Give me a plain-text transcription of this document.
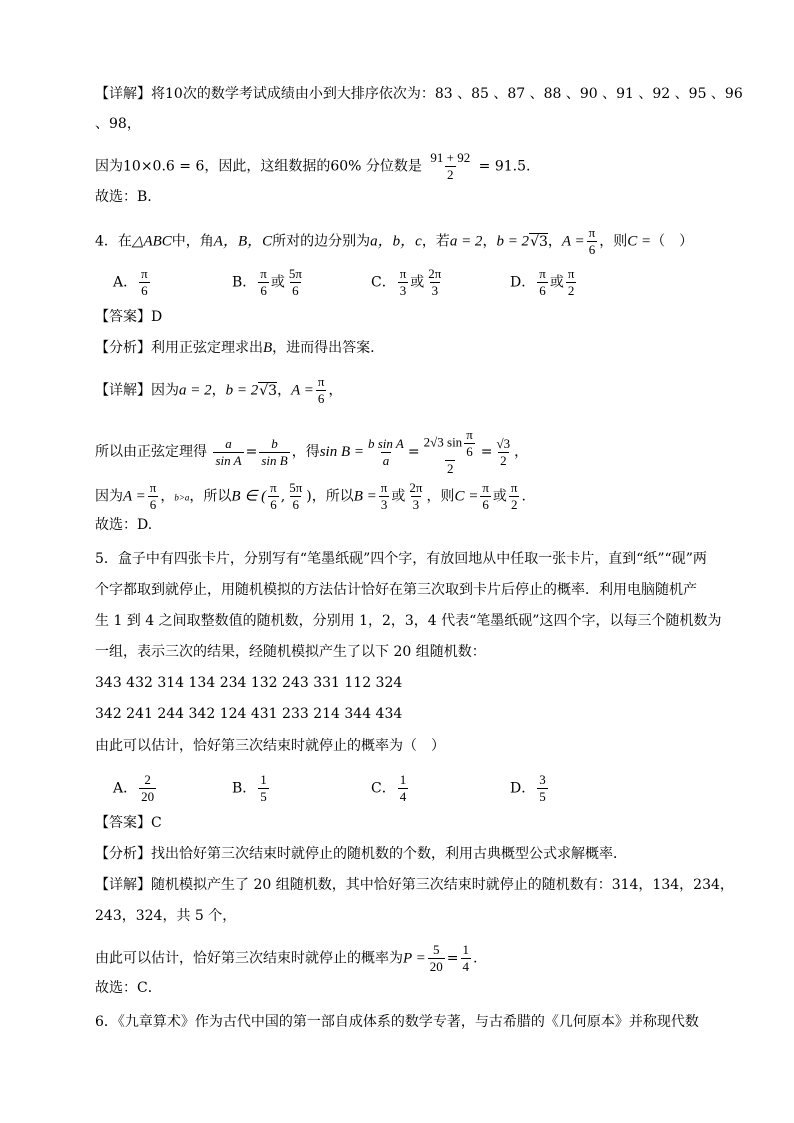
【详解】将10次的数学考试成绩由小到大排序依次为：83 、85 、87 、88 、90 、91 、92 、95 、96
、98，
因为10×0.6 = 6，因此，这组数据的60% 分位数是 $\frac{91 + 92}{2} = 91.5$.
故选：B.
4．在△ABC中，角A，B，C所对的边分别为a，b，c，若a = 2，b = 2√3，$A = \frac{\pi}{6}$ ，则C =（　）
A． $\frac{\pi}{6}$	B． $\frac{\pi}{6}$ 或 $\frac{5\pi}{6}$	C． $\frac{\pi}{3}$ 或 $\frac{2\pi}{3}$	D． $\frac{\pi}{6}$ 或 $\frac{\pi}{2}$
【答案】D
【分析】利用正弦定理求出B，进而得出答案.
【详解】因为a = 2，b = 2√3，$A = \frac{\pi}{6}$ ，
所以由正弦定理得 $\frac{a}{\text{sin A}} = \frac{b}{\text{sin B}}$ ，得$\sin B = \frac{\text{b sin A}}{a} = \frac{2√3 \sin \frac{\pi}{6}}{2} = \frac{√3}{2}$ ，
因为$A = \frac{\pi}{6}$ ，b>a，所以B ∈ ( $\frac{\pi}{6}$ , $\frac{5\pi}{6}$ )，所以$B = \frac{\pi}{3}$ 或 $\frac{2\pi}{3}$ ，则$C = \frac{\pi}{6}$ 或 $\frac{\pi}{2}$ .
故选：D.
5．盒子中有四张卡片，分别写有“笔墨纸砚”四个字，有放回地从中任取一张卡片，直到“纸”“砚”两
个字都取到就停止，用随机模拟的方法估计恰好在第三次取到卡片后停止的概率．利用电脑随机产
生 1 到 4 之间取整数值的随机数，分别用 1，2，3，4 代表“笔墨纸砚”这四个字，以每三个随机数为
一组，表示三次的结果，经随机模拟产生了以下 20 组随机数：
343 432 314 134 234 132 243 331 112 324
342 241 244 342 124 431 233 214 344 434
由此可以估计，恰好第三次结束时就停止的概率为（　）
A． $\frac{2}{20}$	B． $\frac{1}{5}$	C． $\frac{1}{4}$	D． $\frac{3}{5}$
【答案】C
【分析】找出恰好第三次结束时就停止的随机数的个数，利用古典概型公式求解概率．
【详解】随机模拟产生了 20 组随机数，其中恰好第三次结束时就停止的随机数有：314，134，234，
243，324，共 5 个，
由此可以估计，恰好第三次结束时就停止的概率为$P = \frac{5}{20} = \frac{1}{4}$ .
故选：C．
6．《九章算术》作为古代中国的第一部自成体系的数学专著，与古希腊的《几何原本》并称现代数
